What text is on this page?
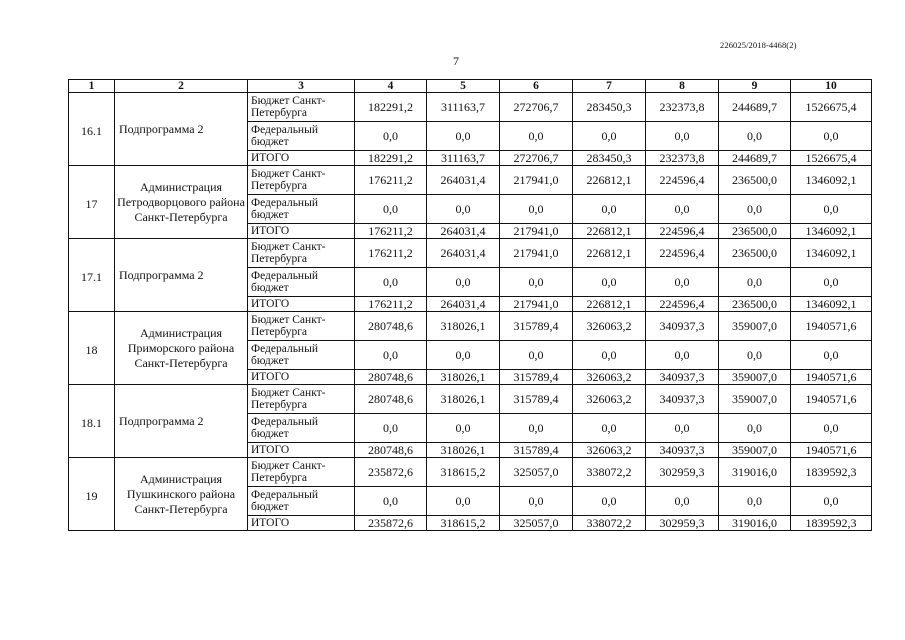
226025/2018-4468(2)
7
1	2	3	4	5	6	7	8	9	10
16.1	Подпрограмма 2	Бюджет Санкт-Петербурга	182291,2	311163,7	272706,7	283450,3	232373,8	244689,7	1526675,4
		Федеральный бюджет	0,0	0,0	0,0	0,0	0,0	0,0	0,0
		ИТОГО	182291,2	311163,7	272706,7	283450,3	232373,8	244689,7	1526675,4
17	Администрация Петродворцового района Санкт-Петербурга	Бюджет Санкт-Петербурга	176211,2	264031,4	217941,0	226812,1	224596,4	236500,0	1346092,1
		Федеральный бюджет	0,0	0,0	0,0	0,0	0,0	0,0	0,0
		ИТОГО	176211,2	264031,4	217941,0	226812,1	224596,4	236500,0	1346092,1
17.1	Подпрограмма 2	Бюджет Санкт-Петербурга	176211,2	264031,4	217941,0	226812,1	224596,4	236500,0	1346092,1
		Федеральный бюджет	0,0	0,0	0,0	0,0	0,0	0,0	0,0
		ИТОГО	176211,2	264031,4	217941,0	226812,1	224596,4	236500,0	1346092,1
18	Администрация Приморского района Санкт-Петербурга	Бюджет Санкт-Петербурга	280748,6	318026,1	315789,4	326063,2	340937,3	359007,0	1940571,6
		Федеральный бюджет	0,0	0,0	0,0	0,0	0,0	0,0	0,0
		ИТОГО	280748,6	318026,1	315789,4	326063,2	340937,3	359007,0	1940571,6
18.1	Подпрограмма 2	Бюджет Санкт-Петербурга	280748,6	318026,1	315789,4	326063,2	340937,3	359007,0	1940571,6
		Федеральный бюджет	0,0	0,0	0,0	0,0	0,0	0,0	0,0
		ИТОГО	280748,6	318026,1	315789,4	326063,2	340937,3	359007,0	1940571,6
19	Администрация Пушкинского района Санкт-Петербурга	Бюджет Санкт-Петербурга	235872,6	318615,2	325057,0	338072,2	302959,3	319016,0	1839592,3
		Федеральный бюджет	0,0	0,0	0,0	0,0	0,0	0,0	0,0
		ИТОГО	235872,6	318615,2	325057,0	338072,2	302959,3	319016,0	1839592,3
